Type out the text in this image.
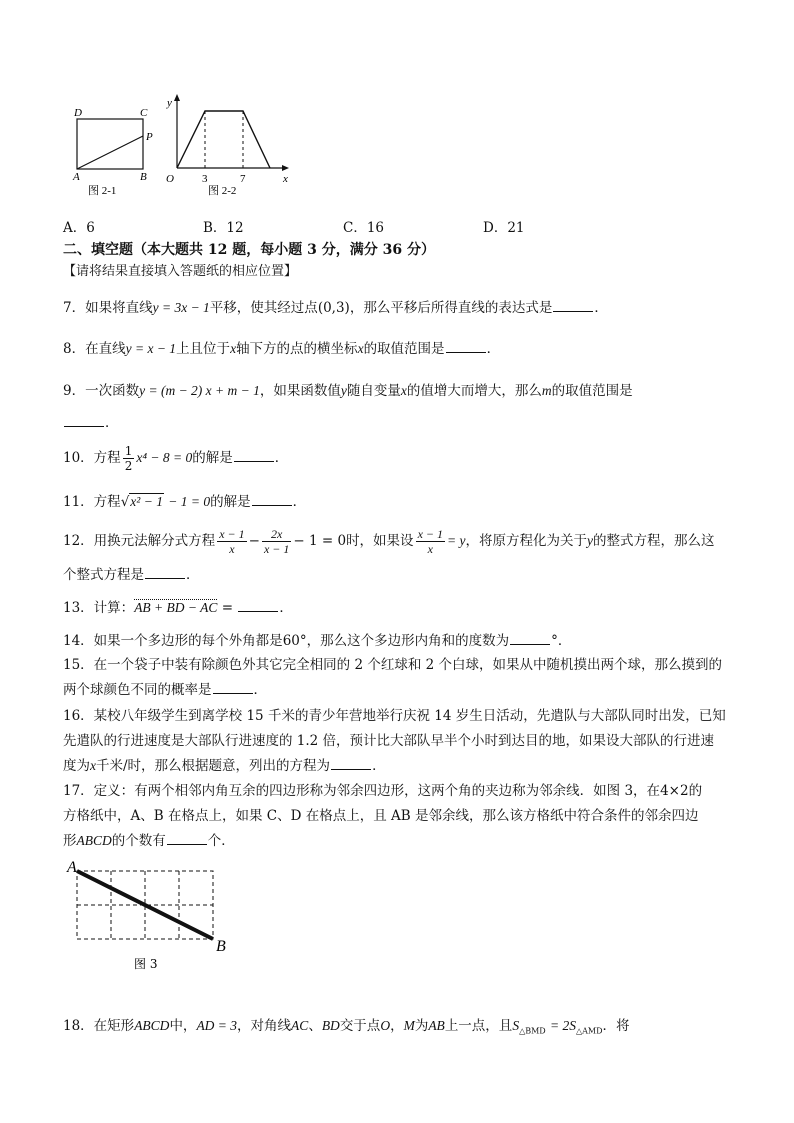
D	C
P
A	B
图 2-1
y
x
O	3	7
图 2-2
A．6	B．12	C．16	D．21
二、填空题（本大题共 12 题，每小题 3 分，满分 36 分）
【请将结果直接填入答题纸的相应位置】
7．如果将直线y = 3x − 1平移，使其经过点(0,3)，那么平移后所得直线的表达式是	．
8．在直线y = x − 1上且位于x轴下方的点的横坐标x的取值范围是	．
9．一次函数y = (m − 2) x + m − 1，如果函数值y随自变量x的值增大而增大，那么m的取值范围是
．
10．方程 $\frac{1}{2} x^4 - 8 = 0$的解是	．
11．方程√x² − 1 − 1 = 0的解是	．
12．用换元法解分式方程 $\frac{x - 1}{x} - \frac{2x}{x - 1} - 1 = 0$时，如果设 $\frac{x - 1}{x} = y$，将原方程化为关于y的整式方程，那么这
个整式方程是	．
13．计算：AB + BD − AC =	．
14．如果一个多边形的每个外角都是60°，那么这个多边形内角和的度数为	°．
15．在一个袋子中装有除颜色外其它完全相同的 2 个红球和 2 个白球，如果从中随机摸出两个球，那么摸到的
两个球颜色不同的概率是	．
16．某校八年级学生到离学校 15 千米的青少年营地举行庆祝 14 岁生日活动，先遣队与大部队同时出发，已知
先遣队的行进速度是大部队行进速度的 1.2 倍，预计比大部队早半个小时到达目的地，如果设大部队的行进速
度为x千米/时，那么根据题意，列出的方程为	．
17．定义：有两个相邻内角互余的四边形称为邻余四边形，这两个角的夹边称为邻余线．如图 3，在4×2的
方格纸中，A、B 在格点上，如果 C、D 在格点上，且 AB 是邻余线，那么该方格纸中符合条件的邻余四边
形ABCD的个数有	个．
A
B
图 3
18．在矩形ABCD中，AD = 3，对角线AC、BD交于点O，M为AB上一点，且$S_{\triangle BMD} = 2S_{\triangle AMD}$．将
